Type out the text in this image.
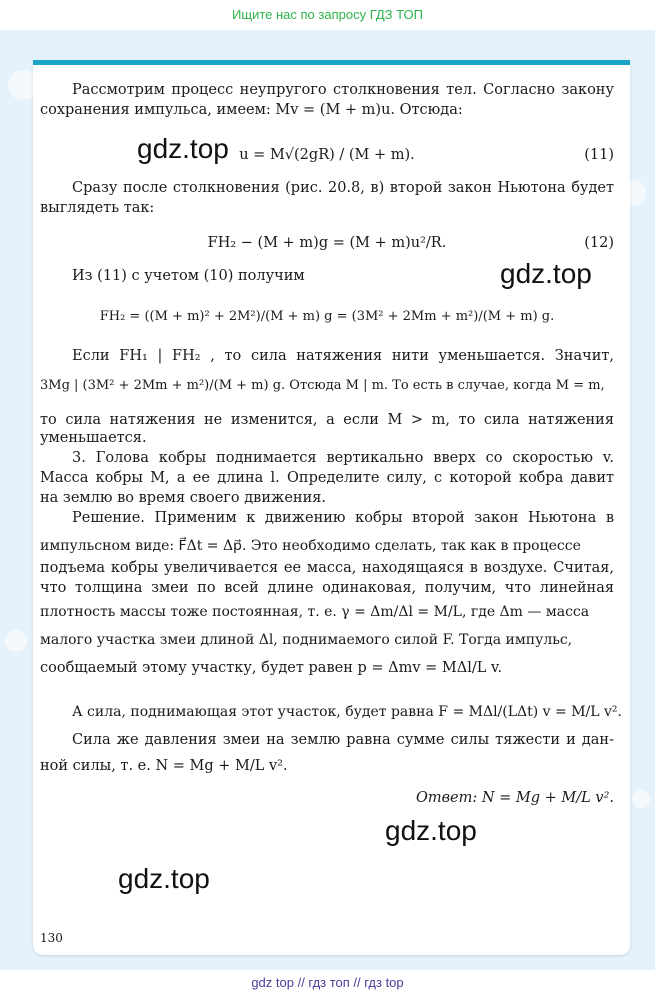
Ищите нас по запросу ГДЗ ТОП
Рассмотрим процесс неупругого столкновения тел. Согласно закону
сохранения импульса, имеем: Mv = (M + m)u. Отсюда:
u = M√(2gR) / (M + m).	(11)
Сразу после столкновения (рис. 20.8, в) второй закон Ньютона будет
выглядеть так:
FH₂ − (M + m)g = (M + m)u²/R.	(12)
Из (11) с учетом (10) получим
FH₂ = ((M + m)² + 2M²)/(M + m) g = (3M² + 2Mm + m²)/(M + m) g.
Если FH₁ | FH₂ , то сила натяжения нити уменьшается. Значит,
3Mg | (3M² + 2Mm + m²)/(M + m) g. Отсюда M | m. То есть в случае, когда M = m,
то сила натяжения не изменится, а если M > m, то сила натяжения
уменьшается.
3. Голова кобры поднимается вертикально вверх со скоростью v.
Масса кобры M, а ее длина l. Определите силу, с которой кобра давит
на землю во время своего движения.
Решение. Применим к движению кобры второй закон Ньютона в
импульсном виде: F⃗Δt = Δp⃗. Это необходимо сделать, так как в процессе
подъема кобры увеличивается ее масса, находящаяся в воздухе. Считая,
что толщина змеи по всей длине одинаковая, получим, что линейная
плотность массы тоже постоянная, т. е. γ = Δm/Δl = M/L, где Δm — масса
малого участка змеи длиной Δl, поднимаемого силой F. Тогда импульс,
сообщаемый этому участку, будет равен p = Δmv = MΔl/L v.
А сила, поднимающая этот участок, будет равна F = MΔl/(LΔt) v = M/L v².
Сила же давления змеи на землю равна сумме силы тяжести и дан-
ной силы, т. е. N = Mg + M/L v².
Ответ: N = Mg + M/L v².
gdz.top
gdz.top
gdz.top
gdz.top
130
gdz top // гдз топ // гдз top
